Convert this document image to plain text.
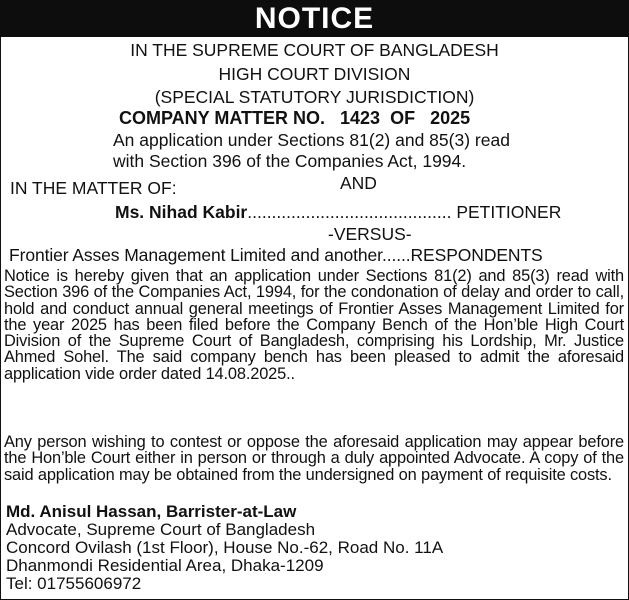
NOTICE

IN THE SUPREME COURT OF BANGLADESH

HIGH COURT DIVISION

(SPECIAL STATUTORY JURISDICTION)

COMPANY MATTER NO. 1423 OF 2025

An application under Sections 81(2) and 85(3) read

with Section 396 of the Companies Act, 1994.

IN THE MATTER OF:	AND

Ms. Nihad Kabir.......................................... PETITIONER

-VERSUS-

Frontier Asses Management Limited and another......RESPONDENTS

Notice is hereby given that an application under Sections 81(2) and 85(3) read with Section 396 of the Companies Act, 1994, for the condonation of delay and order to call, hold and conduct annual general meetings of Frontier Asses Management Limited for the year 2025 has been filed before the Company Bench of the Hon’ble High Court Division of the Supreme Court of Bangladesh, comprising his Lordship, Mr. Justice Ahmed Sohel. The said company bench has been pleased to admit the aforesaid application vide order dated 14.08.2025..

Any person wishing to contest or oppose the aforesaid application may appear before the Hon’ble Court either in person or through a duly appointed Advocate. A copy of the said application may be obtained from the undersigned on payment of requisite costs.

Md. Anisul Hassan, Barrister-at-Law

Advocate, Supreme Court of Bangladesh

Concord Ovilash (1st Floor), House No.-62, Road No. 11A

Dhanmondi Residential Area, Dhaka-1209

Tel: 01755606972
